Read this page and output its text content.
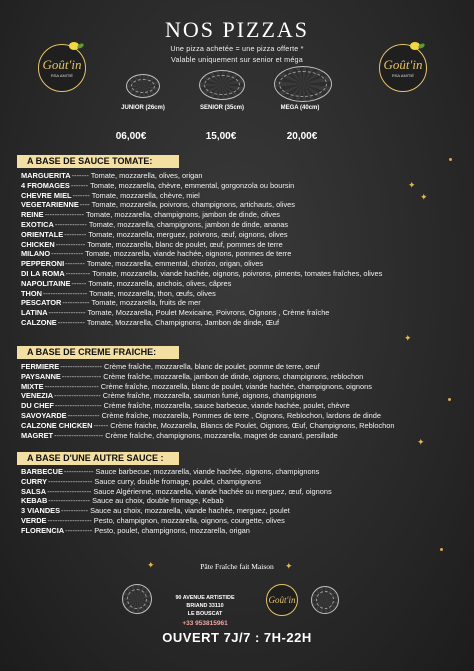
NOS PIZZAS
Une pizza achetée = une pizza offerte *
Valable uniquement sur senior et méga
Goût'in
RSA AMITIÉ
Goût'in
RSA AMITIÉ
JUNIOR (26cm)	SENIOR (35cm)	MEGA (40cm)
06,00€	15,00€	20,00€
A BASE DE SAUCE TOMATE:
MARGUERITA ------- Tomate, mozzarella, olives, origan
4 FROMAGES ------- Tomate, mozzarella, chèvre, emmental, gorgonzola ou boursin
CHEVRE MIEL ------- Tomate, mozzarella, chèvre, miel
VEGETARIENNE ---- Tomate, mozzarella, poivrons, champignons, artichauts, olives
REINE ---------------- Tomate, mozzarella, champignons, jambon de dinde, olives
EXOTICA ------------- Tomate, mozzarella, champignons, jambon de dinde, ananas
ORIENTALE --------- Tomate, mozzarella, merguez, poivrons, œuf, oignons, olives
CHICKEN ------------ Tomate, mozzarella, blanc de poulet, œuf, pommes de terre
MILANO ------------- Tomate, mozzarella, viande hachée, oignons, pommes de terre
PEPPERONI -------- Tomate, mozzarella, emmental, chorizo, origan, olives
DI LA ROMA ---------- Tomate, mozzarella, viande hachée, oignons, poivrons, piments, tomates fraîches, olives
NAPOLITAINE ------ Tomate, mozzarella, anchois, olives, câpres
THON ------------------ Tomate, mozzarella, thon, œufs, olives
PESCATOR ----------- Tomate, mozzarella, fruits de mer
LATINA --------------- Tomate, Mozzarella, Poulet Mexicaine, Poivrons, Oignons , Crème fraîche
CALZONE ----------- Tomate, Mozzarella, Champignons, Jambon de dinde, Œuf
A BASE DE CREME FRAICHE:
FERMIERE ----------------- Crème fraîche, mozzarella, blanc de poulet, pomme de terre, oeuf
PAYSANNE ---------------- Crème fraîche, mozzarella, jambon de dinde, oignons, champignons, reblochon
MIXTE ---------------------- Crème fraîche, mozzarella, blanc de poulet, viande hachée, champignons, oignons
VENEZIA ------------------- Crème fraîche, mozzarella, saumon fumé, oignons, champignons
DU CHEF ------------------- Crème fraîche, mozzarella, sauce barbecue, viande hachée, poulet, chèvre
SAVOYARDE ------------- Crème fraîche, mozzarella, Pommes de terre , Oignons, Reblochon, lardons de dinde
CALZONE CHICKEN ------ Crème fraiche, Mozzarella, Blancs de Poulet, Oignons, Œuf, Champignons, Reblochon
MAGRET -------------------- Crème fraîche, champignons, mozzarella, magret de canard, persillade
A BASE D'UNE AUTRE SAUCE :
BARBECUE ------------ Sauce barbecue, mozzarella, viande hachée, oignons, champignons
CURRY ------------------ Sauce curry, double fromage, poulet, champignons
SALSA ------------------ Sauce Algérienne, mozzarella, viande hachée ou merguez, œuf, oignons
KEBAB ----------------- Sauce au choix, double fromage, Kebab
3 VIANDES ----------- Sauce au choix, mozzarella, viande hachée, merguez, poulet
VERDE ------------------ Pesto, champignon, mozzarella, oignons, courgette, olives
FLORENCIA ----------- Pesto, poulet, champignons, mozzarella, origan
✦
✦
✦
✦
✦	✦
Pâte Fraîche fait Maison
90 AVENUE ARTISTIDE
BRIAND 33110
LE BOUSCAT
+33 953815961
Goût'in
OUVERT 7J/7 : 7H-22H
